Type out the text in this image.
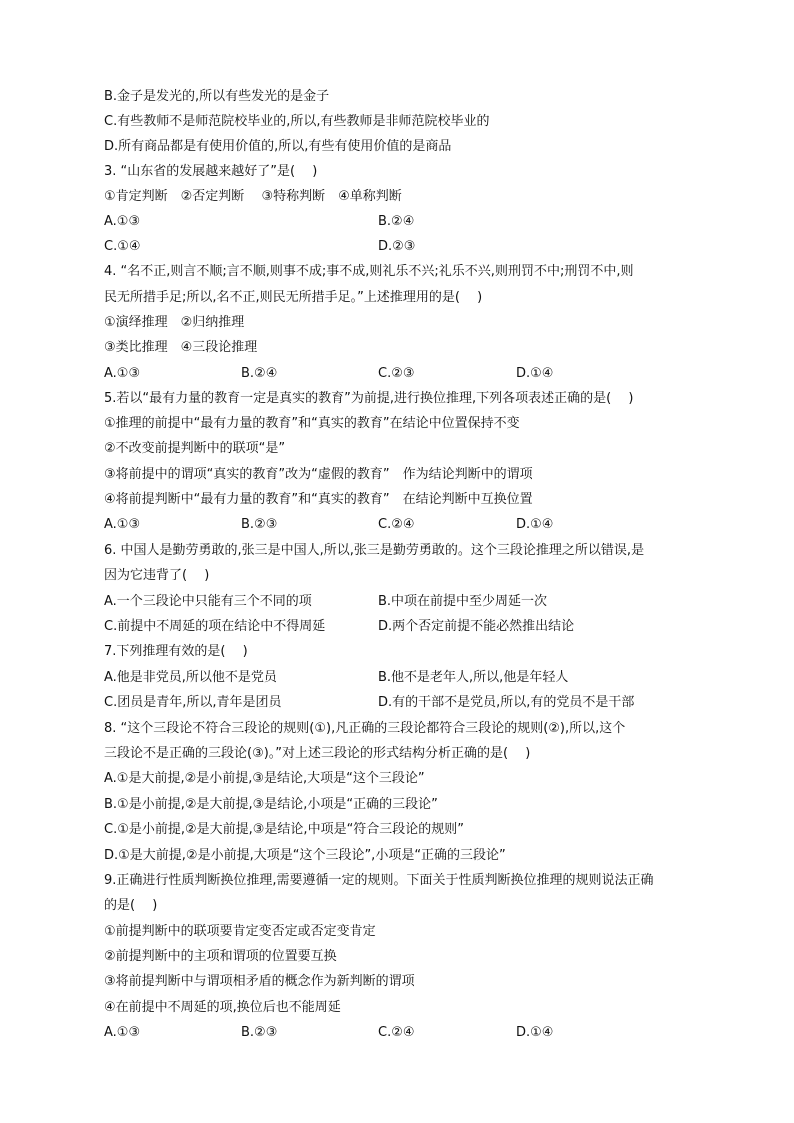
B.金子是发光的,所以有些发光的是金子
C.有些教师不是师范院校毕业的,所以,有些教师是非师范院校毕业的
D.所有商品都是有使用价值的,所以,有些有使用价值的是商品
3. “山东省的发展越来越好了”是(　 )
①肯定判断　②否定判断　 ③特称判断　④单称判断
A.①③	B.②④
C.①④	D.②③
4. “名不正,则言不顺;言不顺,则事不成;事不成,则礼乐不兴;礼乐不兴,则刑罚不中;刑罚不中,则
民无所措手足;所以,名不正,则民无所措手足。”上述推理用的是(　 )
①演绎推理　②归纳推理
③类比推理　④三段论推理
A.①③	B.②④	C.②③	D.①④
5.若以“最有力量的教育一定是真实的教育”为前提,进行换位推理,下列各项表述正确的是(　 )
①推理的前提中“最有力量的教育”和“真实的教育”在结论中位置保持不变
②不改变前提判断中的联项“是”
③将前提中的谓项“真实的教育”改为“虚假的教育”　作为结论判断中的谓项
④将前提判断中“最有力量的教育”和“真实的教育”　在结论判断中互换位置
A.①③	B.②③	C.②④	D.①④
6. 中国人是勤劳勇敢的,张三是中国人,所以,张三是勤劳勇敢的。这个三段论推理之所以错误,是
因为它违背了(　 )
A.一个三段论中只能有三个不同的项	B.中项在前提中至少周延一次
C.前提中不周延的项在结论中不得周延	D.两个否定前提不能必然推出结论
7.下列推理有效的是(　 )
A.他是非党员,所以他不是党员	B.他不是老年人,所以,他是年轻人
C.团员是青年,所以,青年是团员	D.有的干部不是党员,所以,有的党员不是干部
8. “这个三段论不符合三段论的规则(①),凡正确的三段论都符合三段论的规则(②),所以,这个
三段论不是正确的三段论(③)。”对上述三段论的形式结构分析正确的是(　 )
A.①是大前提,②是小前提,③是结论,大项是“这个三段论”
B.①是小前提,②是大前提,③是结论,小项是“正确的三段论”
C.①是小前提,②是大前提,③是结论,中项是“符合三段论的规则”
D.①是大前提,②是小前提,大项是“这个三段论”,小项是“正确的三段论”
9.正确进行性质判断换位推理,需要遵循一定的规则。下面关于性质判断换位推理的规则说法正确
的是(　 )
①前提判断中的联项要肯定变否定或否定变肯定
②前提判断中的主项和谓项的位置要互换
③将前提判断中与谓项相矛盾的概念作为新判断的谓项
④在前提中不周延的项,换位后也不能周延
A.①③	B.②③	C.②④	D.①④
